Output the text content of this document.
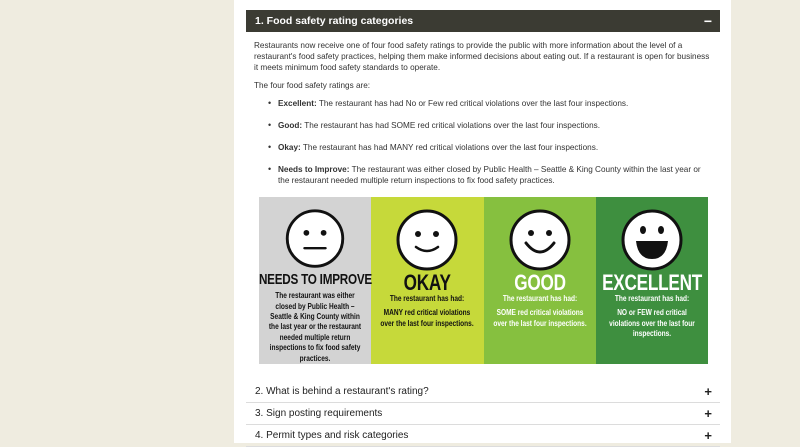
1. Food safety rating categories	−

Restaurants now receive one of four food safety ratings to provide the public with more information about the level of a restaurant's food safety practices, helping them make informed decisions about eating out. If a restaurant is open for business it meets minimum food safety standards to operate.

The four food safety ratings are:

• Excellent: The restaurant has had No or Few red critical violations over the last four inspections.
• Good: The restaurant has had SOME red critical violations over the last four inspections.
• Okay: The restaurant has had MANY red critical violations over the last four inspections.
• Needs to Improve: The restaurant was either closed by Public Health – Seattle & King County within the last year or the restaurant needed multiple return inspections to fix food safety practices.
NEEDS TO IMPROVE
The restaurant was either closed by Public Health – Seattle & King County within the last year or the restaurant needed multiple return inspections to fix food safety practices.
OKAY
The restaurant has had:
MANY red critical violations over the last four inspections.
GOOD
The restaurant has had:
SOME red critical violations over the last four inspections.
EXCELLENT
The restaurant has had:
NO or FEW red critical violations over the last four inspections.
2. What is behind a restaurant's rating?	+
3. Sign posting requirements	+
4. Permit types and risk categories	+
